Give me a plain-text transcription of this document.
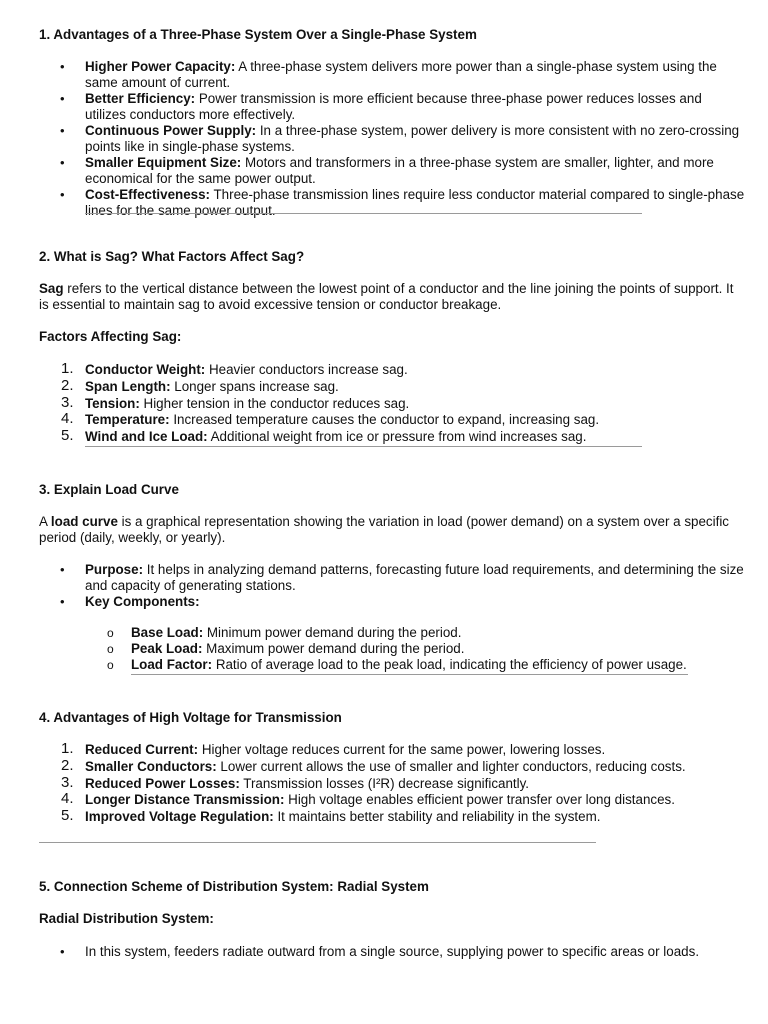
1. Advantages of a Three-Phase System Over a Single-Phase System
• Higher Power Capacity: A three-phase system delivers more power than a single-phase system using the same amount of current.
• Better Efficiency: Power transmission is more efficient because three-phase power reduces losses and utilizes conductors more effectively.
• Continuous Power Supply: In a three-phase system, power delivery is more consistent with no zero-crossing points like in single-phase systems.
• Smaller Equipment Size: Motors and transformers in a three-phase system are smaller, lighter, and more economical for the same power output.
• Cost-Effectiveness: Three-phase transmission lines require less conductor material compared to single-phase lines for the same power output.
2. What is Sag? What Factors Affect Sag?
Sag refers to the vertical distance between the lowest point of a conductor and the line joining the points of support. It is essential to maintain sag to avoid excessive tension or conductor breakage.
Factors Affecting Sag:
1. Conductor Weight: Heavier conductors increase sag.
2. Span Length: Longer spans increase sag.
3. Tension: Higher tension in the conductor reduces sag.
4. Temperature: Increased temperature causes the conductor to expand, increasing sag.
5. Wind and Ice Load: Additional weight from ice or pressure from wind increases sag.
3. Explain Load Curve
A load curve is a graphical representation showing the variation in load (power demand) on a system over a specific period (daily, weekly, or yearly).
• Purpose: It helps in analyzing demand patterns, forecasting future load requirements, and determining the size and capacity of generating stations.
• Key Components:
o Base Load: Minimum power demand during the period.
o Peak Load: Maximum power demand during the period.
o Load Factor: Ratio of average load to the peak load, indicating the efficiency of power usage.
4. Advantages of High Voltage for Transmission
1. Reduced Current: Higher voltage reduces current for the same power, lowering losses.
2. Smaller Conductors: Lower current allows the use of smaller and lighter conductors, reducing costs.
3. Reduced Power Losses: Transmission losses (I²R) decrease significantly.
4. Longer Distance Transmission: High voltage enables efficient power transfer over long distances.
5. Improved Voltage Regulation: It maintains better stability and reliability in the system.
5. Connection Scheme of Distribution System: Radial System
Radial Distribution System:
• In this system, feeders radiate outward from a single source, supplying power to specific areas or loads.
